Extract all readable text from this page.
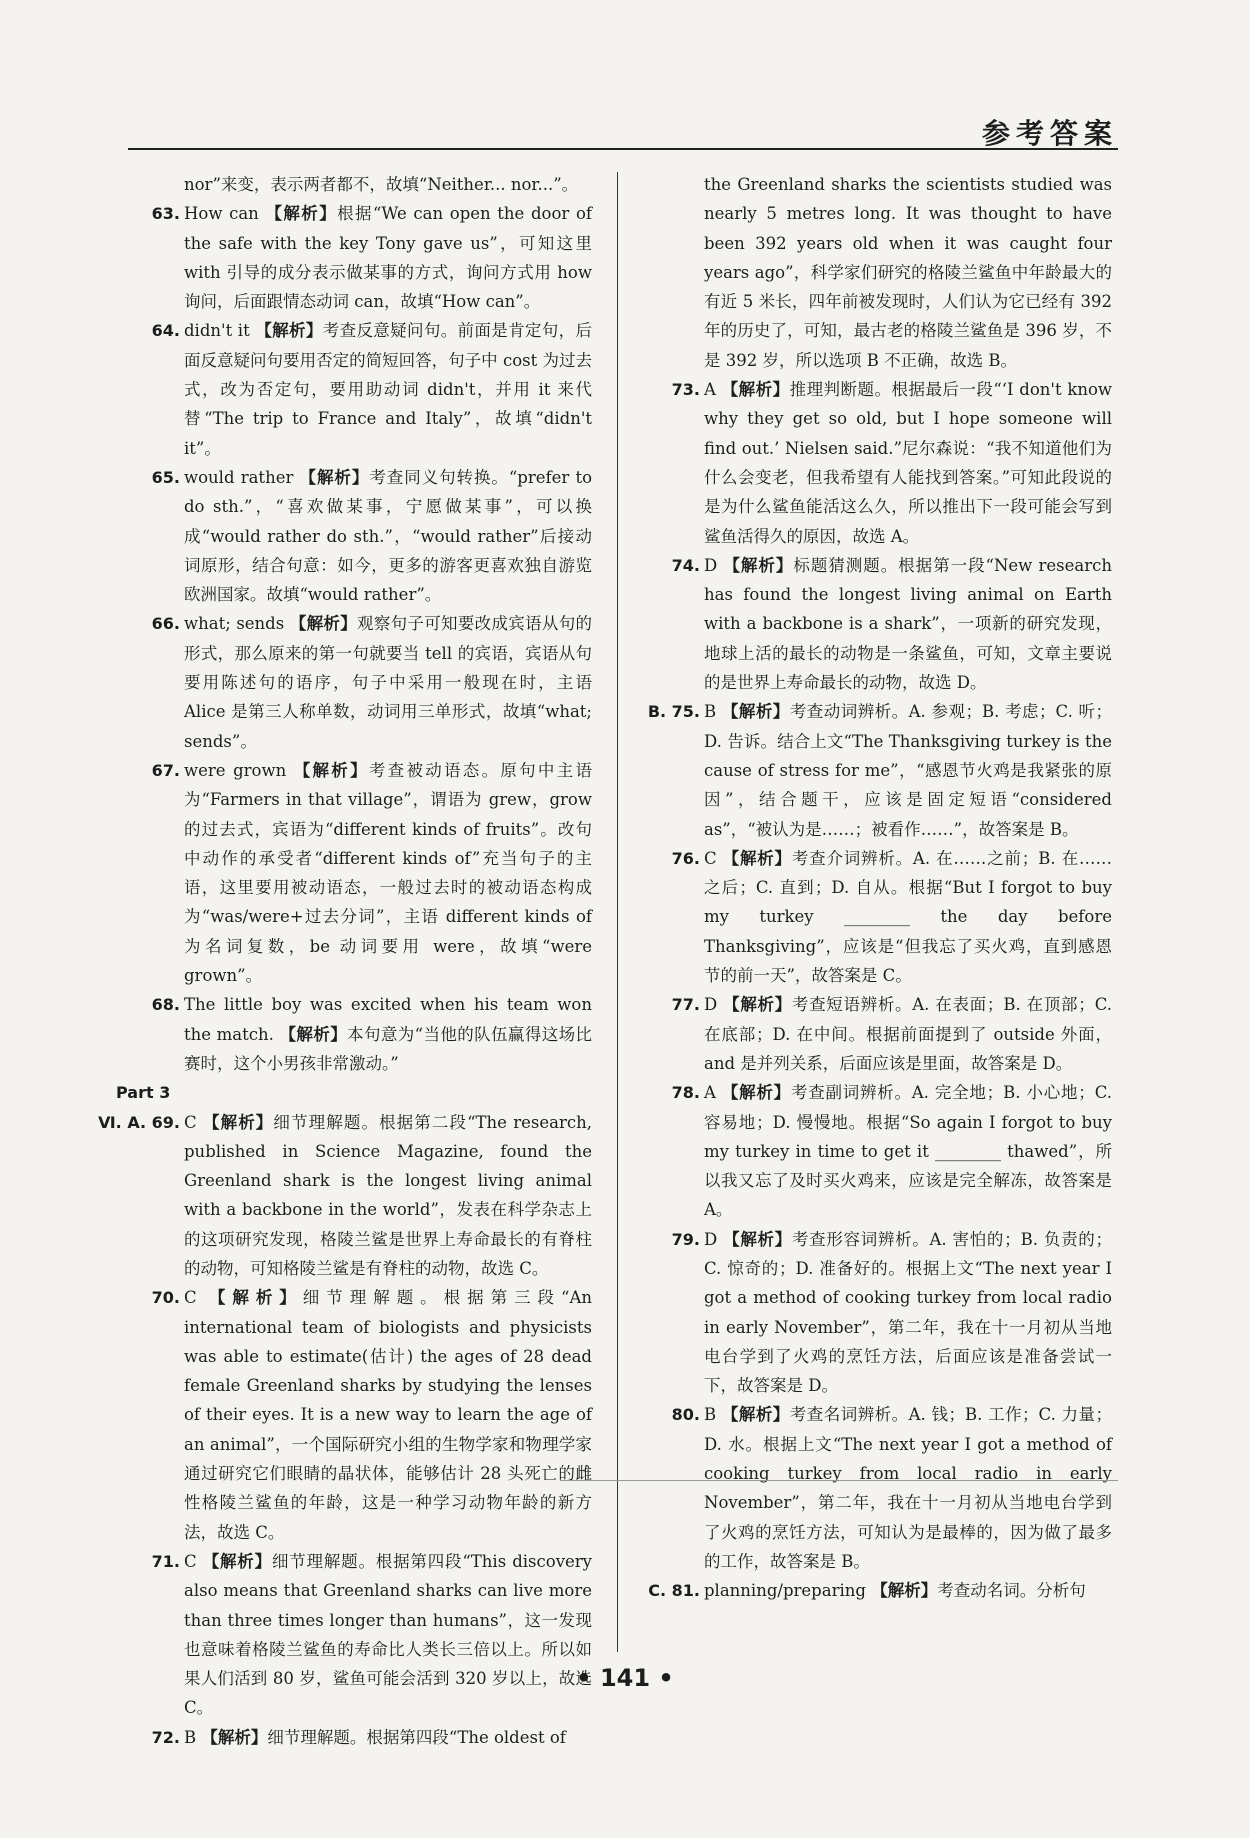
参考答案

nor”来变，表示两者都不，故填“Neither... nor...”。

63. How can 【解析】根据“We can open the door of the safe with the key Tony gave us”，可知这里 with 引导的成分表示做某事的方式，询问方式用 how 询问，后面跟情态动词 can，故填“How can”。

64. didn't it 【解析】考查反意疑问句。前面是肯定句，后面反意疑问句要用否定的简短回答，句子中 cost 为过去式，改为否定句，要用助动词 didn't，并用 it 来代替“The trip to France and Italy”，故填“didn't it”。

65. would rather 【解析】考查同义句转换。“prefer to do sth.”，“喜欢做某事，宁愿做某事”，可以换成“would rather do sth.”，“would rather”后接动词原形，结合句意：如今，更多的游客更喜欢独自游览欧洲国家。故填“would rather”。

66. what; sends 【解析】观察句子可知要改成宾语从句的形式，那么原来的第一句就要当 tell 的宾语，宾语从句要用陈述句的语序，句子中采用一般现在时，主语 Alice 是第三人称单数，动词用三单形式，故填“what; sends”。

67. were grown 【解析】考查被动语态。原句中主语为“Farmers in that village”，谓语为 grew，grow 的过去式，宾语为“different kinds of fruits”。改句中动作的承受者“different kinds of”充当句子的主语，这里要用被动语态，一般过去时的被动语态构成为“was/were+过去分词”，主语 different kinds of 为名词复数，be 动词要用 were，故填“were grown”。

68. The little boy was excited when his team won the match. 【解析】本句意为“当他的队伍赢得这场比赛时，这个小男孩非常激动。”

Part 3

Ⅵ. A. 69. C 【解析】细节理解题。根据第二段“The research, published in Science Magazine, found the Greenland shark is the longest living animal with a backbone in the world”，发表在科学杂志上的这项研究发现，格陵兰鲨是世界上寿命最长的有脊柱的动物，可知格陵兰鲨是有脊柱的动物，故选 C。

70. C 【解析】细节理解题。根据第三段“An international team of biologists and physicists was able to estimate(估计) the ages of 28 dead female Greenland sharks by studying the lenses of their eyes. It is a new way to learn the age of an animal”，一个国际研究小组的生物学家和物理学家通过研究它们眼睛的晶状体，能够估计 28 头死亡的雌性格陵兰鲨鱼的年龄，这是一种学习动物年龄的新方法，故选 C。

71. C 【解析】细节理解题。根据第四段“This discovery also means that Greenland sharks can live more than three times longer than humans”，这一发现也意味着格陵兰鲨鱼的寿命比人类长三倍以上。所以如果人们活到 80 岁，鲨鱼可能会活到 320 岁以上，故选 C。

72. B 【解析】细节理解题。根据第四段“The oldest of

the Greenland sharks the scientists studied was nearly 5 metres long. It was thought to have been 392 years old when it was caught four years ago”，科学家们研究的格陵兰鲨鱼中年龄最大的有近 5 米长，四年前被发现时，人们认为它已经有 392 年的历史了，可知，最古老的格陵兰鲨鱼是 396 岁，不是 392 岁，所以选项 B 不正确，故选 B。

73. A 【解析】推理判断题。根据最后一段“‘I don't know why they get so old, but I hope someone will find out.’ Nielsen said.”尼尔森说：“我不知道他们为什么会变老，但我希望有人能找到答案。”可知此段说的是为什么鲨鱼能活这么久，所以推出下一段可能会写到鲨鱼活得久的原因，故选 A。

74. D 【解析】标题猜测题。根据第一段“New research has found the longest living animal on Earth with a backbone is a shark”，一项新的研究发现，地球上活的最长的动物是一条鲨鱼，可知，文章主要说的是世界上寿命最长的动物，故选 D。

B. 75. B 【解析】考查动词辨析。A. 参观；B. 考虑；C. 听；D. 告诉。结合上文“The Thanksgiving turkey is the cause of stress for me”，“感恩节火鸡是我紧张的原因”，结合题干，应该是固定短语“considered as”，“被认为是……；被看作……”，故答案是 B。

76. C 【解析】考查介词辨析。A. 在……之前；B. 在……之后；C. 直到；D. 自从。根据“But I forgot to buy my turkey ________ the day before Thanksgiving”，应该是“但我忘了买火鸡，直到感恩节的前一天”，故答案是 C。

77. D 【解析】考查短语辨析。A. 在表面；B. 在顶部；C. 在底部；D. 在中间。根据前面提到了 outside 外面，and 是并列关系，后面应该是里面，故答案是 D。

78. A 【解析】考查副词辨析。A. 完全地；B. 小心地；C. 容易地；D. 慢慢地。根据“So again I forgot to buy my turkey in time to get it ________ thawed”，所以我又忘了及时买火鸡来，应该是完全解冻，故答案是 A。

79. D 【解析】考查形容词辨析。A. 害怕的；B. 负责的；C. 惊奇的；D. 准备好的。根据上文“The next year I got a method of cooking turkey from local radio in early November”，第二年，我在十一月初从当地电台学到了火鸡的烹饪方法，后面应该是准备尝试一下，故答案是 D。

80. B 【解析】考查名词辨析。A. 钱；B. 工作；C. 力量；D. 水。根据上文“The next year I got a method of cooking turkey from local radio in early November”，第二年，我在十一月初从当地电台学到了火鸡的烹饪方法，可知认为是最棒的，因为做了最多的工作，故答案是 B。

C. 81. planning/preparing 【解析】考查动名词。分析句

• 141 •
